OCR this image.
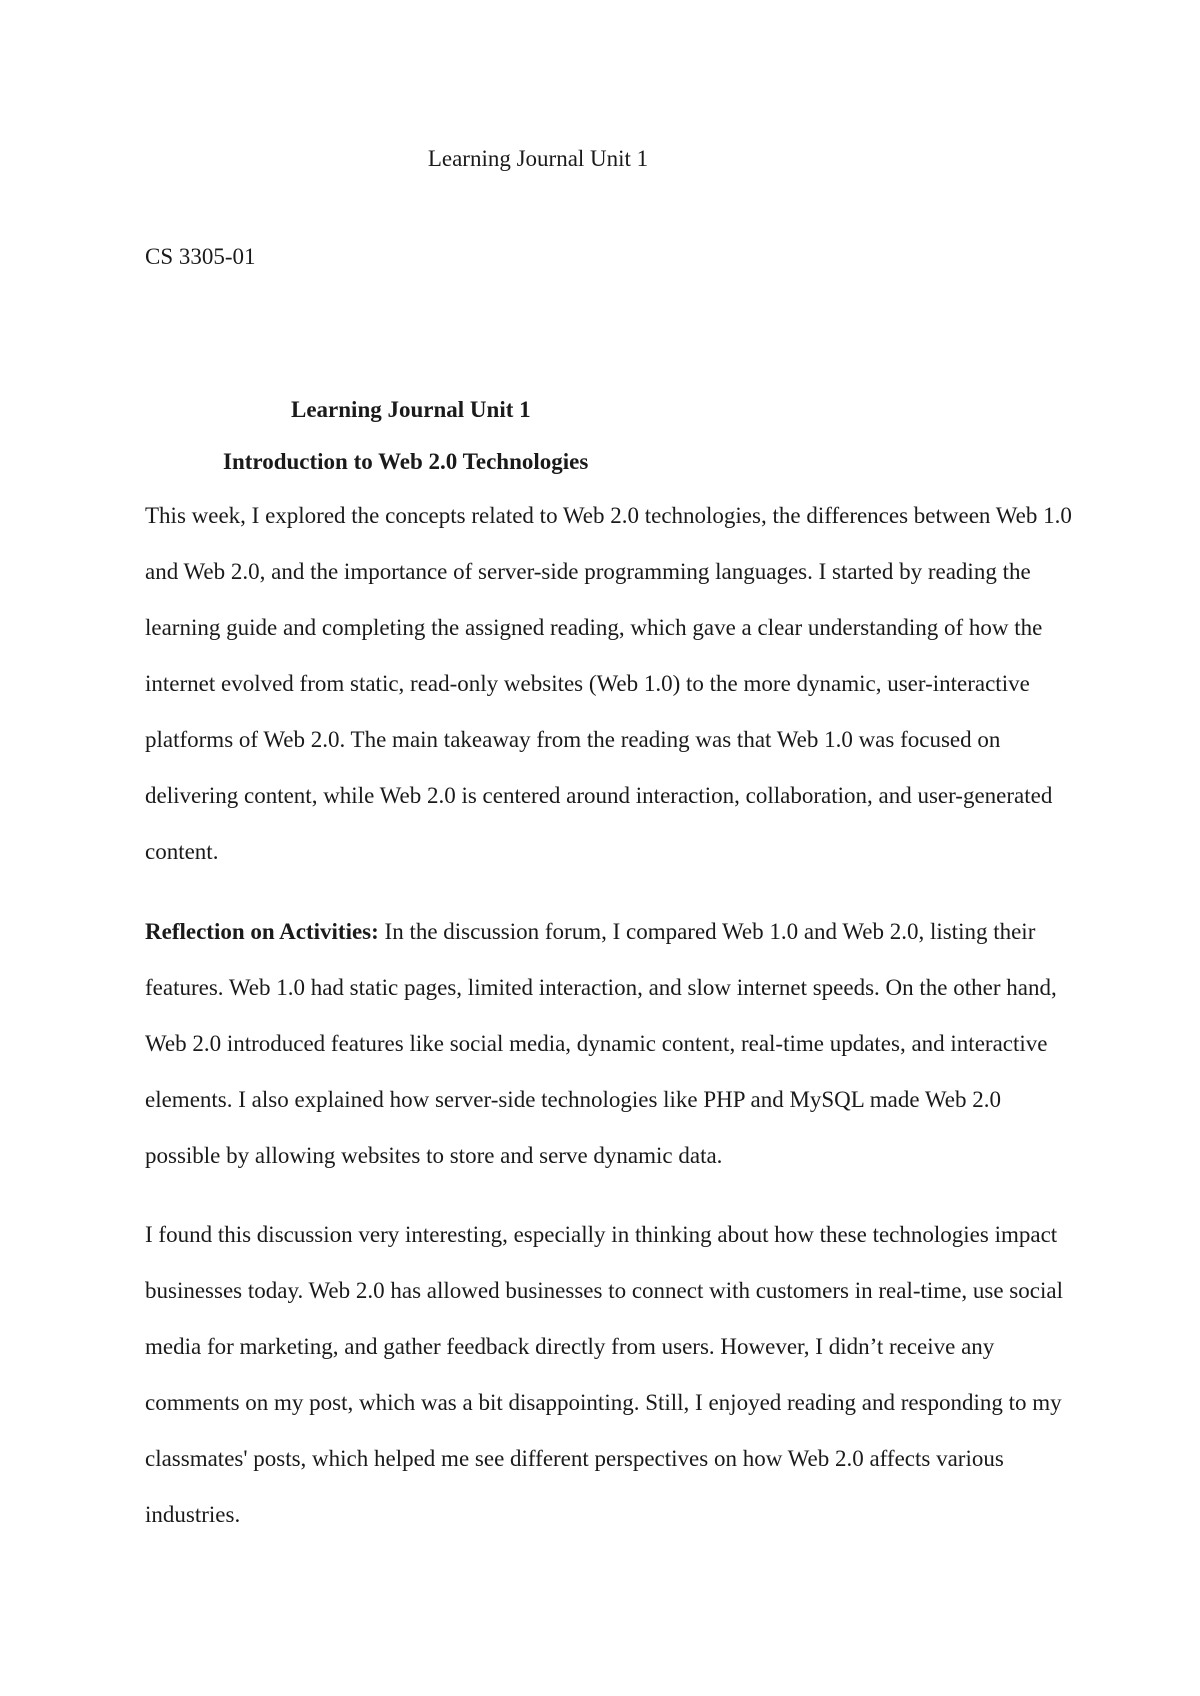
Learning Journal Unit 1
CS 3305-01
Learning Journal Unit 1
Introduction to Web 2.0 Technologies

This week, I explored the concepts related to Web 2.0 technologies, the differences between Web 1.0 and Web 2.0, and the importance of server-side programming languages. I started by reading the learning guide and completing the assigned reading, which gave a clear understanding of how the internet evolved from static, read-only websites (Web 1.0) to the more dynamic, user-interactive platforms of Web 2.0. The main takeaway from the reading was that Web 1.0 was focused on delivering content, while Web 2.0 is centered around interaction, collaboration, and user-generated content.

Reflection on Activities: In the discussion forum, I compared Web 1.0 and Web 2.0, listing their features. Web 1.0 had static pages, limited interaction, and slow internet speeds. On the other hand, Web 2.0 introduced features like social media, dynamic content, real-time updates, and interactive elements. I also explained how server-side technologies like PHP and MySQL made Web 2.0 possible by allowing websites to store and serve dynamic data.

I found this discussion very interesting, especially in thinking about how these technologies impact businesses today. Web 2.0 has allowed businesses to connect with customers in real-time, use social media for marketing, and gather feedback directly from users. However, I didn’t receive any comments on my post, which was a bit disappointing. Still, I enjoyed reading and responding to my classmates' posts, which helped me see different perspectives on how Web 2.0 affects various industries.
